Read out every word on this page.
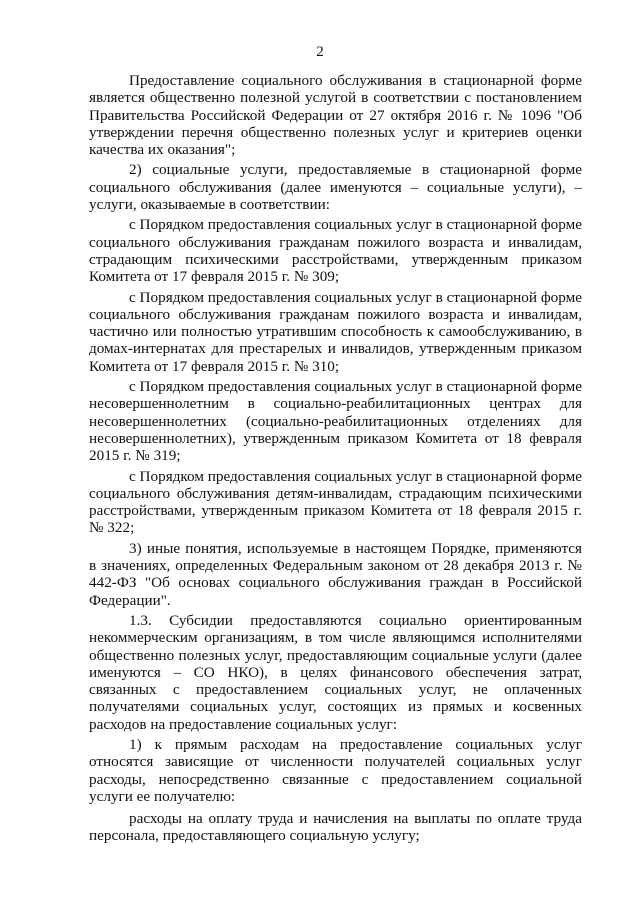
2

Предоставление социального обслуживания в стационарной форме является общественно полезной услугой в соответствии с постановлением Правительства Российской Федерации от 27 октября 2016 г. № 1096 "Об утверждении перечня общественно полезных услуг и критериев оценки качества их оказания";

2) социальные услуги, предоставляемые в стационарной форме социального обслуживания (далее именуются – социальные услуги), – услуги, оказываемые в соответствии:

с Порядком предоставления социальных услуг в стационарной форме социального обслуживания гражданам пожилого возраста и инвалидам, страдающим психическими расстройствами, утвержденным приказом Комитета от 17 февраля 2015 г. № 309;

с Порядком предоставления социальных услуг в стационарной форме социального обслуживания гражданам пожилого возраста и инвалидам, частично или полностью утратившим способность к самообслуживанию, в домах-интернатах для престарелых и инвалидов, утвержденным приказом Комитета от 17 февраля 2015 г. № 310;

с Порядком предоставления социальных услуг в стационарной форме несовершеннолетним в социально-реабилитационных центрах для несовершеннолетних (социально-реабилитационных отделениях для несовершеннолетних), утвержденным приказом Комитета от 18 февраля 2015 г. № 319;

с Порядком предоставления социальных услуг в стационарной форме социального обслуживания детям-инвалидам, страдающим психическими расстройствами, утвержденным приказом Комитета от 18 февраля 2015 г. № 322;

3) иные понятия, используемые в настоящем Порядке, применяются в значениях, определенных Федеральным законом от 28 декабря 2013 г. № 442-ФЗ "Об основах социального обслуживания граждан в Российской Федерации".

1.3. Субсидии предоставляются социально ориентированным некоммерческим организациям, в том числе являющимся исполнителями общественно полезных услуг, предоставляющим социальные услуги (далее именуются – СО НКО), в целях финансового обеспечения затрат, связанных с предоставлением социальных услуг, не оплаченных получателями социальных услуг, состоящих из прямых и косвенных расходов на предоставление социальных услуг:

1) к прямым расходам на предоставление социальных услуг относятся зависящие от численности получателей социальных услуг расходы, непосредственно связанные с предоставлением социальной услуги ее получателю:

расходы на оплату труда и начисления на выплаты по оплате труда персонала, предоставляющего социальную услугу;
